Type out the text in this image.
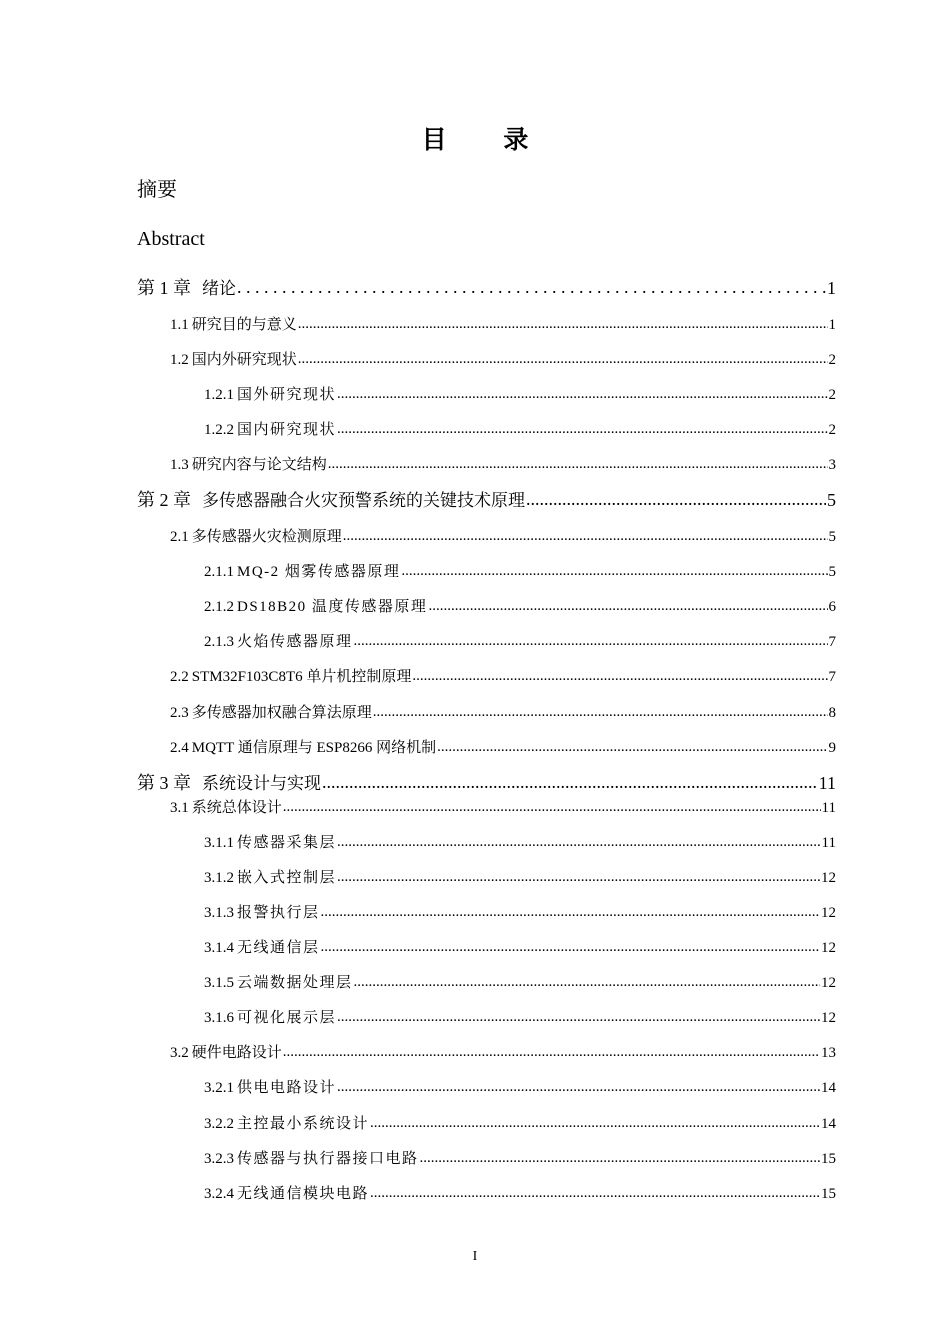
目 录
摘要
Abstract
第 1 章 绪论 .....	1
1.1 研究目的与意义 .....	1
1.2 国内外研究现状 .....	2
1.2.1 国外研究现状 .....	2
1.2.2 国内研究现状 .....	2
1.3 研究内容与论文结构 .....	3
第 2 章 多传感器融合火灾预警系统的关键技术原理 .....	5
2.1 多传感器火灾检测原理 .....	5
2.1.1 MQ-2 烟雾传感器原理 .....	5
2.1.2 DS18B20 温度传感器原理 .....	6
2.1.3 火焰传感器原理 .....	7
2.2 STM32F103C8T6 单片机控制原理 .....	7
2.3 多传感器加权融合算法原理 .....	8
2.4 MQTT 通信原理与 ESP8266 网络机制 .....	9
第 3 章 系统设计与实现 .....	11
3.1 系统总体设计 .....	11
3.1.1 传感器采集层 .....	11
3.1.2 嵌入式控制层 .....	12
3.1.3 报警执行层 .....	12
3.1.4 无线通信层 .....	12
3.1.5 云端数据处理层 .....	12
3.1.6 可视化展示层 .....	12
3.2 硬件电路设计 .....	13
3.2.1 供电电路设计 .....	14
3.2.2 主控最小系统设计 .....	14
3.2.3 传感器与执行器接口电路 .....	15
3.2.4 无线通信模块电路 .....	15
I
